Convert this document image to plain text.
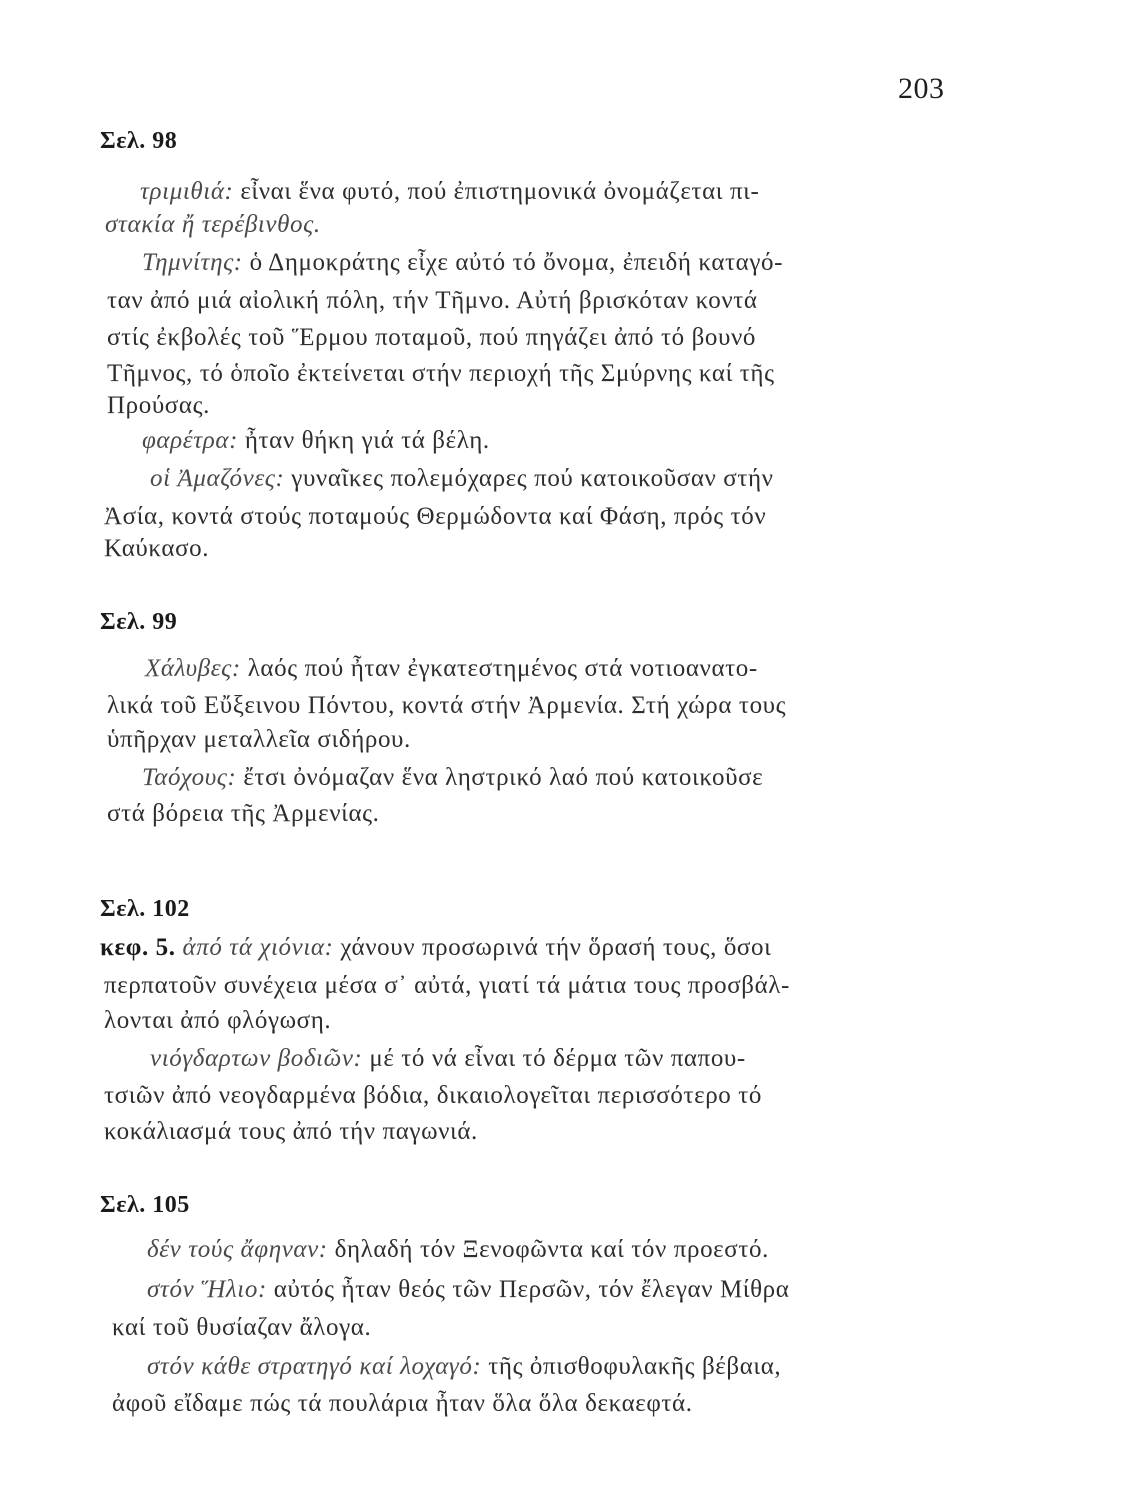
203
Σελ. 98
τριμιθιά: εἶναι ἕνα φυτό, πού ἐπιστημονικά ὀνομάζεται πι-
στακία ἤ τερέβινθος.
Τημνίτης: ὁ Δημοκράτης εἶχε αὐτό τό ὄνομα, ἐπειδή καταγό-
ταν ἀπό μιά αἰολική πόλη, τήν Τῆμνο. Αὐτή βρισκόταν κοντά
στίς ἐκβολές τοῦ Ἕρμου ποταμοῦ, πού πηγάζει ἀπό τό βουνό
Τῆμνος, τό ὁποῖο ἐκτείνεται στήν περιοχή τῆς Σμύρνης καί τῆς
Προύσας.
φαρέτρα: ἦταν θήκη γιά τά βέλη.
οἱ Ἀμαζόνες: γυναῖκες πολεμόχαρες πού κατοικοῦσαν στήν
Ἀσία, κοντά στούς ποταμούς Θερμώδοντα καί Φάση, πρός τόν
Καύκασο.
Σελ. 99
Χάλυβες: λαός πού ἦταν ἐγκατεστημένος στά νοτιοανατο-
λικά τοῦ Εὔξεινου Πόντου, κοντά στήν Ἀρμενία. Στή χώρα τους
ὑπῆρχαν μεταλλεῖα σιδήρου.
Ταόχους: ἔτσι ὀνόμαζαν ἕνα ληστρικό λαό πού κατοικοῦσε
στά βόρεια τῆς Ἀρμενίας.
Σελ. 102
κεφ. 5. ἀπό τά χιόνια: χάνουν προσωρινά τήν ὅρασή τους, ὅσοι
περπατοῦν συνέχεια μέσα σ᾽ αὐτά, γιατί τά μάτια τους προσβάλ-
λονται ἀπό φλόγωση.
νιόγδαρτων βοδιῶν: μέ τό νά εἶναι τό δέρμα τῶν παπου-
τσιῶν ἀπό νεογδαρμένα βόδια, δικαιολογεῖται περισσότερο τό
κοκάλιασμά τους ἀπό τήν παγωνιά.
Σελ. 105
δέν τούς ἄφηναν: δηλαδή τόν Ξενοφῶντα καί τόν προεστό.
στόν Ἥλιο: αὐτός ἦταν θεός τῶν Περσῶν, τόν ἔλεγαν Μίθρα
καί τοῦ θυσίαζαν ἄλογα.
στόν κάθε στρατηγό καί λοχαγό: τῆς ὀπισθοφυλακῆς βέβαια,
ἀφοῦ εἴδαμε πώς τά πουλάρια ἦταν ὅλα ὅλα δεκαεφτά.
